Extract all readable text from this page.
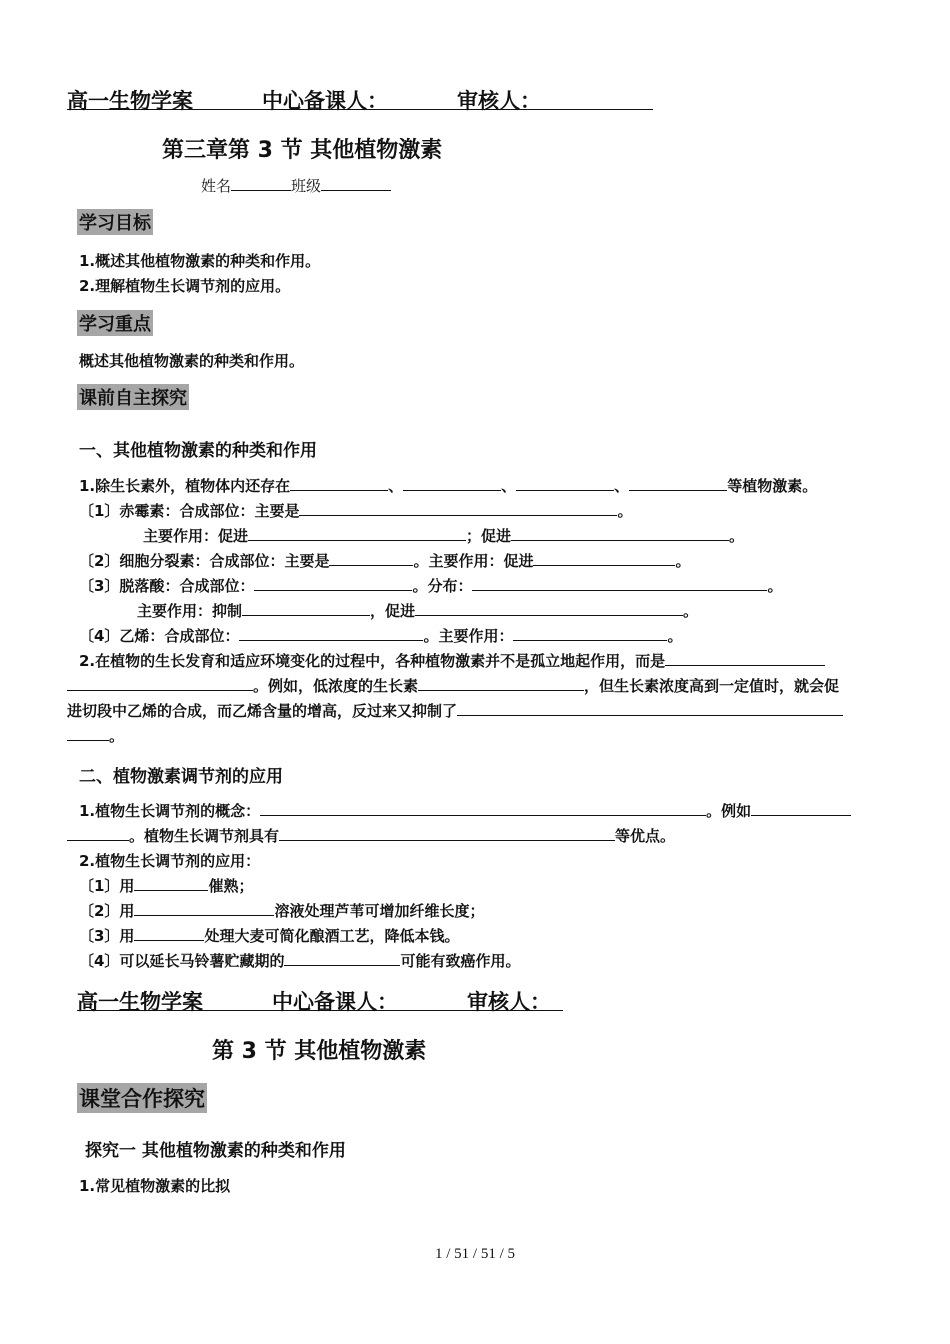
高一生物学案	中心备课人：	审核人：
第三章第 3 节 其他植物激素
姓名	班级
学习目标
1.概述其他植物激素的种类和作用。
2.理解植物生长调节剂的应用。
学习重点
概述其他植物激素的种类和作用。
课前自主探究
一、其他植物激素的种类和作用
1.除生长素外，植物体内还存在	、	、	、	等植物激素。
〔1〕赤霉素：合成部位：主要是	。
主要作用：促进	；促进	。
〔2〕细胞分裂素：合成部位：主要是	。主要作用：促进	。
〔3〕脱落酸：合成部位：	。分布：	。
主要作用：抑制	，促进	。
〔4〕乙烯：合成部位：	。主要作用：	。
2.在植物的生长发育和适应环境变化的过程中，各种植物激素并不是孤立地起作用，而是
。例如，低浓度的生长素	，但生长素浓度高到一定值时，就会促
进切段中乙烯的合成，而乙烯含量的增高，反过来又抑制了
。
二、植物激素调节剂的应用
1.植物生长调节剂的概念：	。例如
。植物生长调节剂具有	等优点。
2.植物生长调节剂的应用：
〔1〕用	催熟；
〔2〕用	溶液处理芦苇可增加纤维长度；
〔3〕用	处理大麦可简化酿酒工艺，降低本钱。
〔4〕可以延长马铃薯贮藏期的	可能有致癌作用。
高一生物学案	中心备课人：	审核人：
第 3 节 其他植物激素
课堂合作探究
探究一 其他植物激素的种类和作用
1.常见植物激素的比拟
1 / 51 / 51 / 5
